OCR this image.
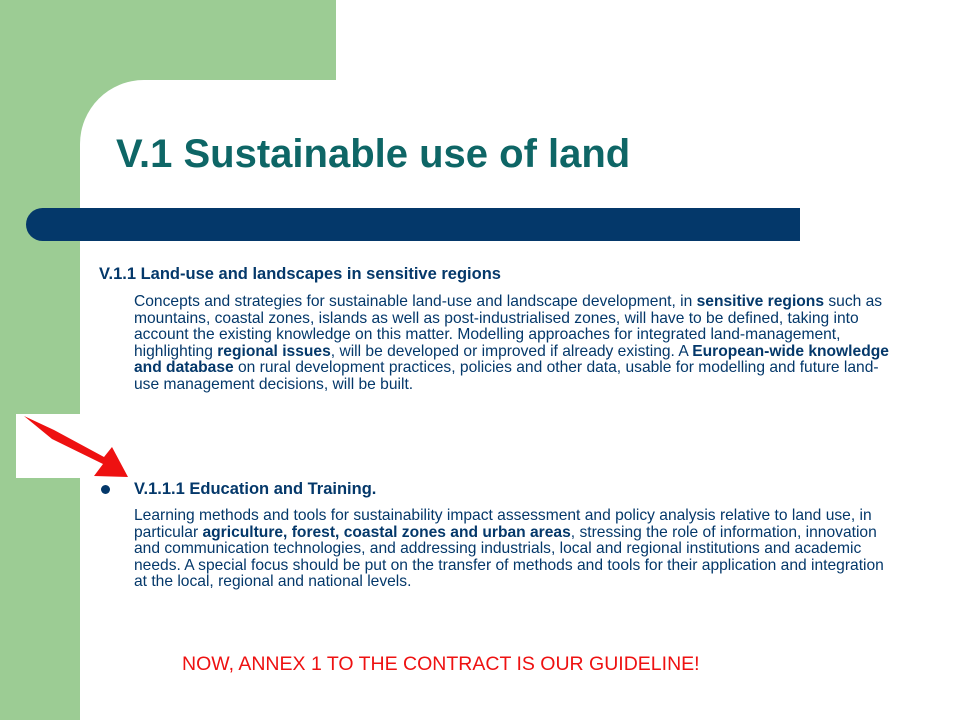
V.1 Sustainable use of land
V.1.1 Land-use and landscapes in sensitive regions

Concepts and strategies for sustainable land-use and landscape development, in sensitive regions such as mountains, coastal zones, islands as well as post-industrialised zones, will have to be defined, taking into account the existing knowledge on this matter. Modelling approaches for integrated land-management, highlighting regional issues, will be developed or improved if already existing. A European-wide knowledge and database on rural development practices, policies and other data, usable for modelling and future land-use management decisions, will be built.

V.1.1.1 Education and Training.

Learning methods and tools for sustainability impact assessment and policy analysis relative to land use, in particular agriculture, forest, coastal zones and urban areas, stressing the role of information, innovation and communication technologies, and addressing industrials, local and regional institutions and academic needs. A special focus should be put on the transfer of methods and tools for their application and integration at the local, regional and national levels.

NOW, ANNEX 1 TO THE CONTRACT IS OUR GUIDELINE!
